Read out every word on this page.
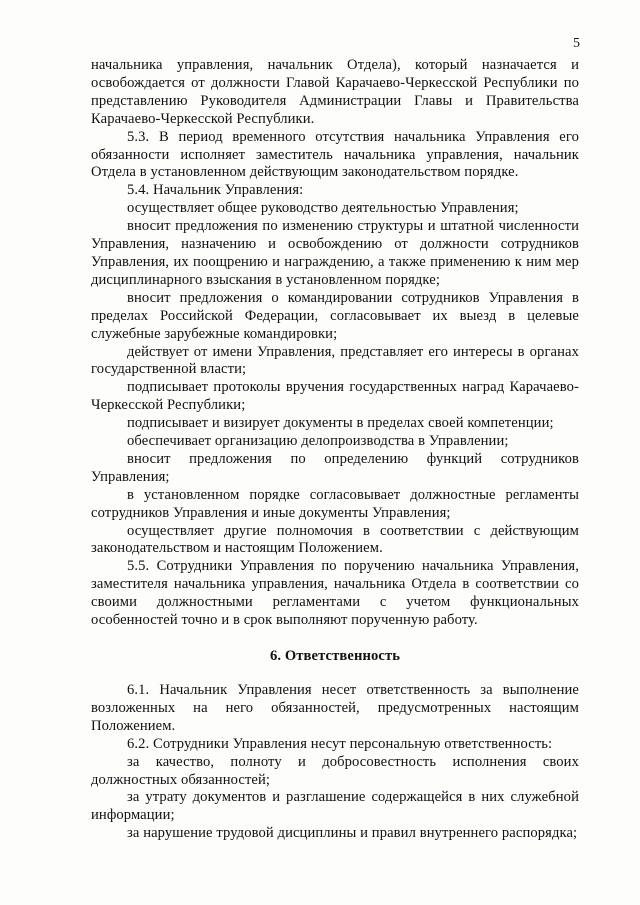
5

начальника управления, начальник Отдела), который назначается и освобождается от должности Главой Карачаево-Черкесской Республики по представлению Руководителя Администрации Главы и Правительства Карачаево-Черкесской Республики.

5.3. В период временного отсутствия начальника Управления его обязанности исполняет заместитель начальника управления, начальник Отдела в установленном действующим законодательством порядке.

5.4. Начальник Управления:

осуществляет общее руководство деятельностью Управления;

вносит предложения по изменению структуры и штатной численности Управления, назначению и освобождению от должности сотрудников Управления, их поощрению и награждению, а также применению к ним мер дисциплинарного взыскания в установленном порядке;

вносит предложения о командировании сотрудников Управления в пределах Российской Федерации, согласовывает их выезд в целевые служебные зарубежные командировки;

действует от имени Управления, представляет его интересы в органах государственной власти;

подписывает протоколы вручения государственных наград Карачаево-Черкесской Республики;

подписывает и визирует документы в пределах своей компетенции;

обеспечивает организацию делопроизводства в Управлении;

вносит предложения по определению функций сотрудников Управления;

в установленном порядке согласовывает должностные регламенты сотрудников Управления и иные документы Управления;

осуществляет другие полномочия в соответствии с действующим законодательством и настоящим Положением.

5.5. Сотрудники Управления по поручению начальника Управления, заместителя начальника управления, начальника Отдела в соответствии со своими должностными регламентами с учетом функциональных особенностей точно и в срок выполняют порученную работу.

6. Ответственность

6.1. Начальник Управления несет ответственность за выполнение возложенных на него обязанностей, предусмотренных настоящим Положением.

6.2. Сотрудники Управления несут персональную ответственность:

за качество, полноту и добросовестность исполнения своих должностных обязанностей;

за утрату документов и разглашение содержащейся в них служебной информации;

за нарушение трудовой дисциплины и правил внутреннего распорядка;
